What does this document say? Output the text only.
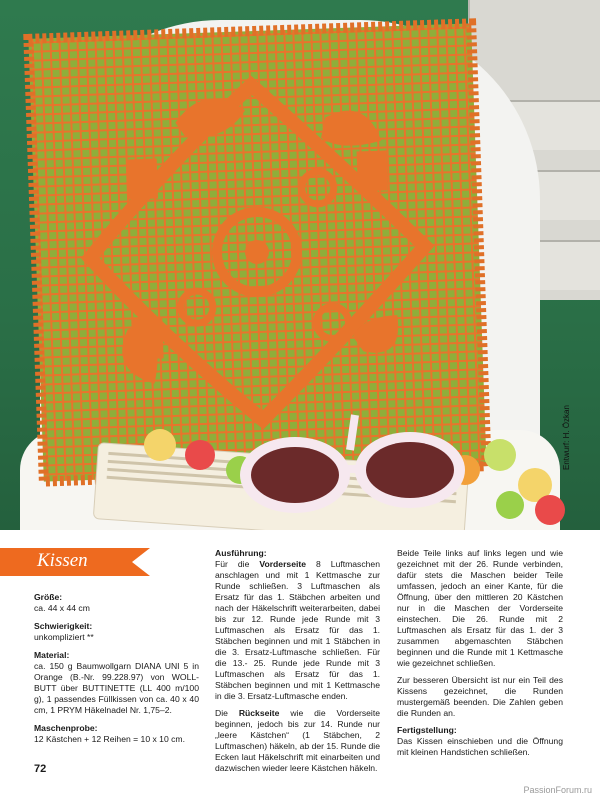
Entwurf: H. Özkan
Kissen
Größe:
ca. 44 x 44 cm
Schwierigkeit:
unkompliziert **
Material:

ca. 150 g Baumwollgarn DIANA UNI 5 in Orange (B.-Nr. 99.228.97) von WOLL-BUTT über BUTTINETTE (LL 400 m/100 g), 1 passendes Füllkissen von ca. 40 x 40 cm, 1 PRYM Häkelnadel Nr. 1,75–2.

Maschenprobe:
12 Kästchen + 12 Reihen = 10 x 10 cm.
Ausführung:

Für die Vorderseite 8 Luftmaschen anschlagen und mit 1 Kettmasche zur Runde schließen. 3 Luftmaschen als Ersatz für das 1. Stäbchen arbeiten und nach der Häkelschrift weiterarbeiten, dabei bis zur 12. Runde jede Runde mit 3 Luftmaschen als Ersatz für das 1. Stäbchen beginnen und mit 1 Stäbchen in die 3. Ersatz-Luftmasche schließen. Für die 13.- 25. Runde jede Runde mit 3 Luftmaschen als Ersatz für das 1. Stäbchen beginnen und mit 1 Kettmasche in die 3. Ersatz-Luftmasche enden.

Die Rückseite wie die Vorderseite beginnen, jedoch bis zur 14. Runde nur „leere Kästchen“ (1 Stäbchen, 2 Luftmaschen) häkeln, ab der 15. Runde die Ecken laut Häkelschrift mit einarbeiten und dazwischen wieder leere Kästchen häkeln.

Beide Teile links auf links legen und wie gezeichnet mit der 26. Runde verbinden, dafür stets die Maschen beider Teile umfassen, jedoch an einer Kante, für die Öffnung, über den mittleren 20 Kästchen nur in die Maschen der Vorderseite einstechen. Die 26. Runde mit 2 Luftmaschen als Ersatz für das 1. der 3 zusammen abgemaschten Stäbchen beginnen und die Runde mit 1 Kettmasche wie gezeichnet schließen.

Zur besseren Übersicht ist nur ein Teil des Kissens gezeichnet, die Runden mustergemäß beenden. Die Zahlen geben die Runden an.

Fertigstellung:

Das Kissen einschieben und die Öffnung mit kleinen Handstichen schließen.

72
PassionForum.ru
